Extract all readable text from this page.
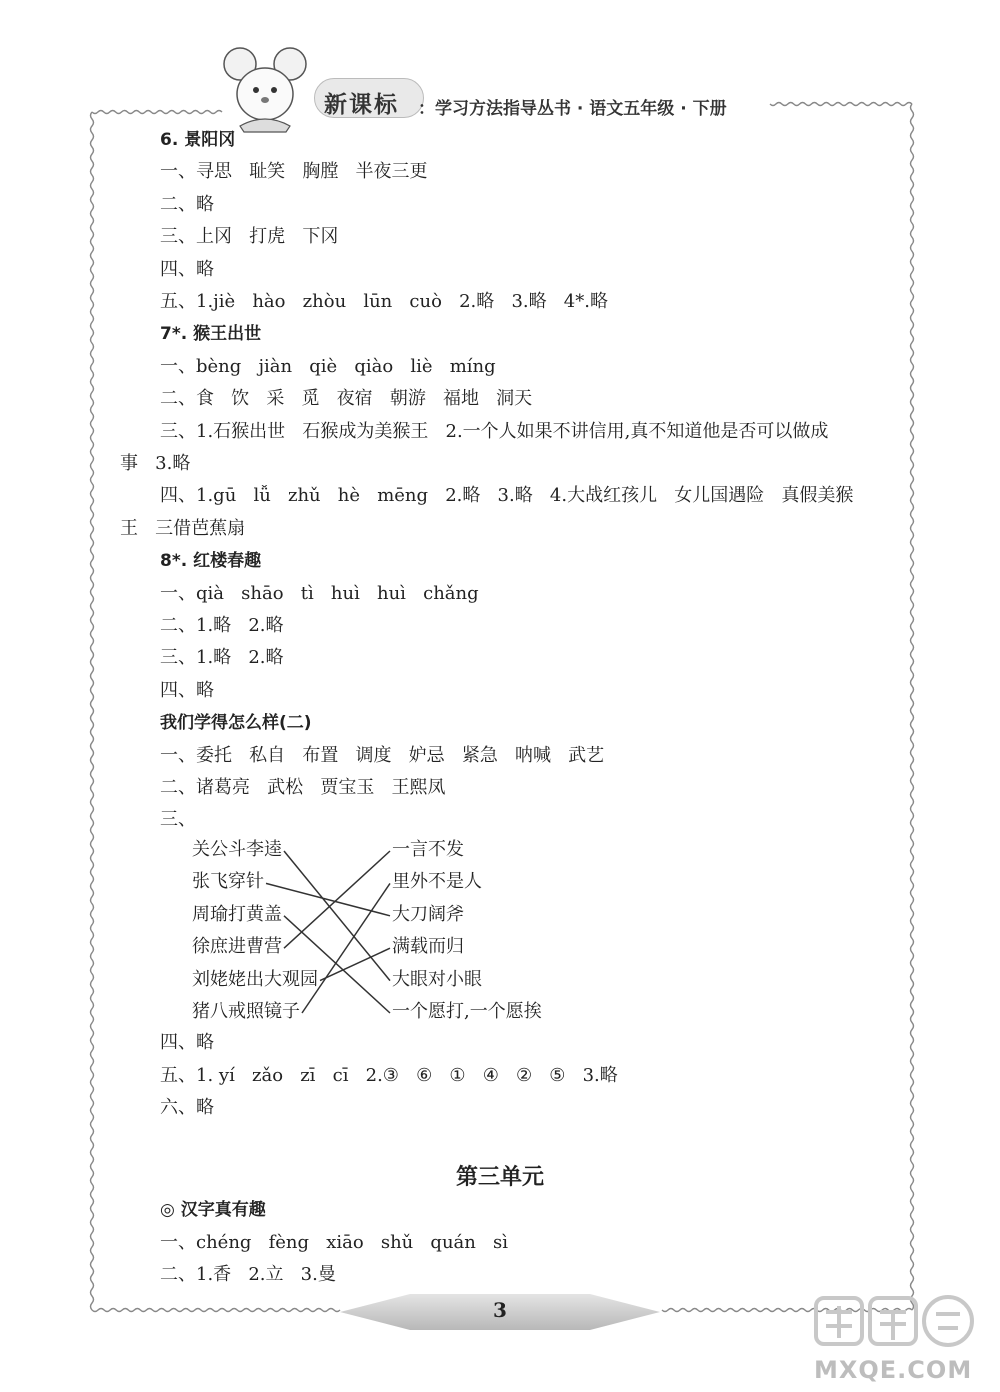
新课标 ：学习方法指导丛书 · 语文五年级 · 下册
6. 景阳冈
一、寻思   耻笑   胸膛   半夜三更
二、略
三、上冈   打虎   下冈
四、略
五、1.jiè   hào   zhòu   lūn   cuò   2.略   3.略   4*.略
7*. 猴王出世
一、bèng   jiàn   qiè   qiào   liè   míng
二、食   饮   采   觅   夜宿   朝游   福地   洞天
三、1.石猴出世   石猴成为美猴王   2.一个人如果不讲信用,真不知道他是否可以做成
事   3.略
四、1.gū   lǚ   zhǔ   hè   mēng   2.略   3.略   4.大战红孩儿   女儿国遇险   真假美猴
王   三借芭蕉扇
8*. 红楼春趣
一、qià   shāo   tì   huì   huì   chǎng
二、1.略   2.略
三、1.略   2.略
四、略
我们学得怎么样(二)
一、委托   私自   布置   调度   妒忌   紧急   呐喊   武艺
二、诸葛亮   武松   贾宝玉   王熙凤
三、
关公斗李逵
张飞穿针
周瑜打黄盖
徐庶进曹营
刘姥姥出大观园
猪八戒照镜子
一言不发
里外不是人
大刀阔斧
满载而归
大眼对小眼
一个愿打,一个愿挨
四、略
五、1. yí   zǎo   zī   cī   2.③   ⑥   ①   ④   ②   ⑤   3.略
六、略
第三单元
◎ 汉字真有趣
一、chéng   fèng   xiāo   shǔ   quán   sì
二、1.香   2.立   3.曼
3
MXQE.COM
